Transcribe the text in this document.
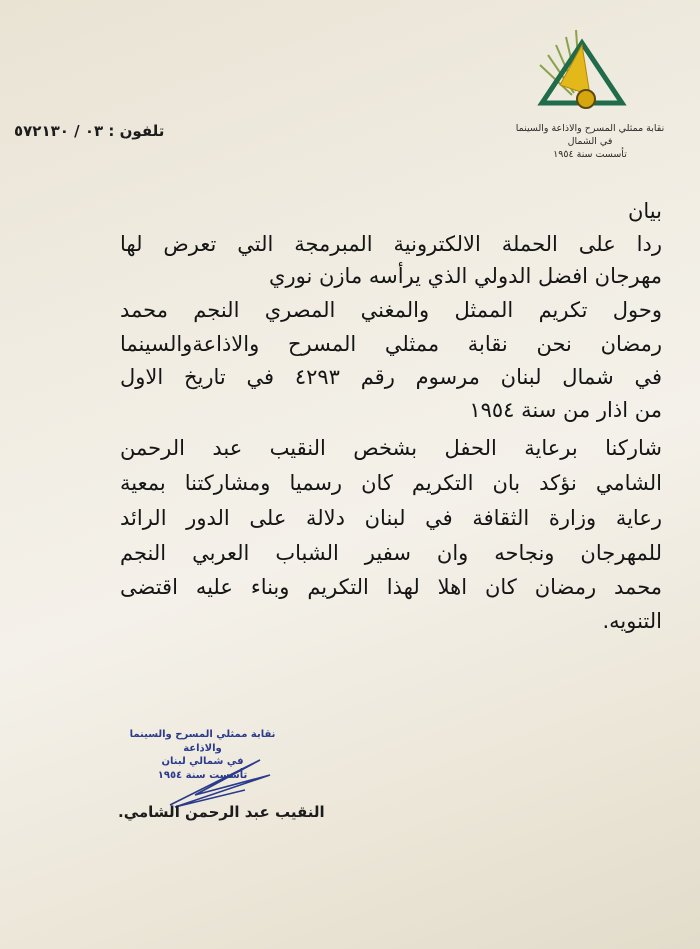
نقابة ممثلي المسرح والاذاعة والسينما
في الشمال
تأسست سنة ١٩٥٤
تلفون : ٠٣ / ٥٧٢١٣٠
بيان
ردا على الحملة الالكترونية المبرمجة التي تعرض لها
مهرجان افضل الدولي الذي يرأسه مازن نوري
وحول تكريم الممثل والمغني المصري النجم محمد
رمضان نحن نقابة ممثلي المسرح والاذاعةوالسينما
في شمال لبنان مرسوم رقم ٤٢٩٣ في تاريخ الاول
من اذار من سنة ١٩٥٤
شاركنا برعاية الحفل بشخص النقيب عبد الرحمن
الشامي نؤكد بان التكريم كان رسميا ومشاركتنا بمعية
رعاية وزارة الثقافة في لبنان دلالة على الدور الرائد
للمهرجان ونجاحه وان سفير الشباب العربي النجم
محمد رمضان كان اهلا لهذا التكريم وبناء عليه اقتضى
التنويه.
نقابة ممثلي المسرح والسينما والاذاعة
في شمالي لبنان
تأسست سنة ١٩٥٤
النقيب عبد الرحمن الشامي.
